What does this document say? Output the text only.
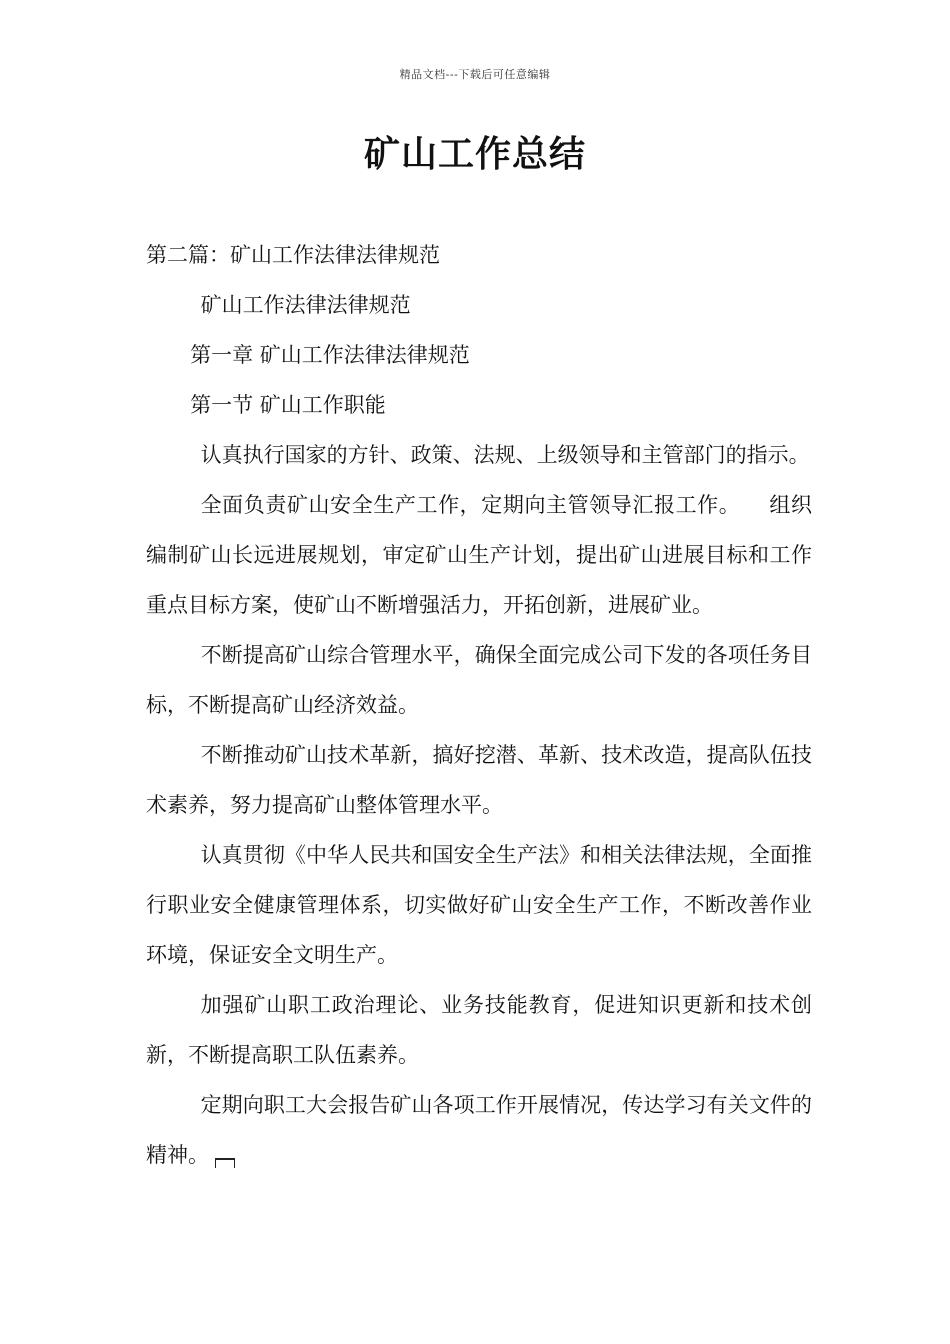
精品文档---下载后可任意编辑
矿山工作总结

第二篇：矿山工作法律法律规范

矿山工作法律法律规范

第一章 矿山工作法律法律规范

第一节 矿山工作职能

认真执行国家的方针、政策、法规、上级领导和主管部门的指示。

全面负责矿山安全生产工作，定期向主管领导汇报工作。    组织编制矿山长远进展规划，审定矿山生产计划，提出矿山进展目标和工作重点目标方案，使矿山不断增强活力，开拓创新，进展矿业。

不断提高矿山综合管理水平，确保全面完成公司下发的各项任务目标，不断提高矿山经济效益。

不断推动矿山技术革新，搞好挖潜、革新、技术改造，提高队伍技术素养，努力提高矿山整体管理水平。

认真贯彻《中华人民共和国安全生产法》和相关法律法规，全面推行职业安全健康管理体系，切实做好矿山安全生产工作，不断改善作业环境，保证安全文明生产。

加强矿山职工政治理论、业务技能教育，促进知识更新和技术创新，不断提高职工队伍素养。

定期向职工大会报告矿山各项工作开展情况，传达学习有关文件的精神。
